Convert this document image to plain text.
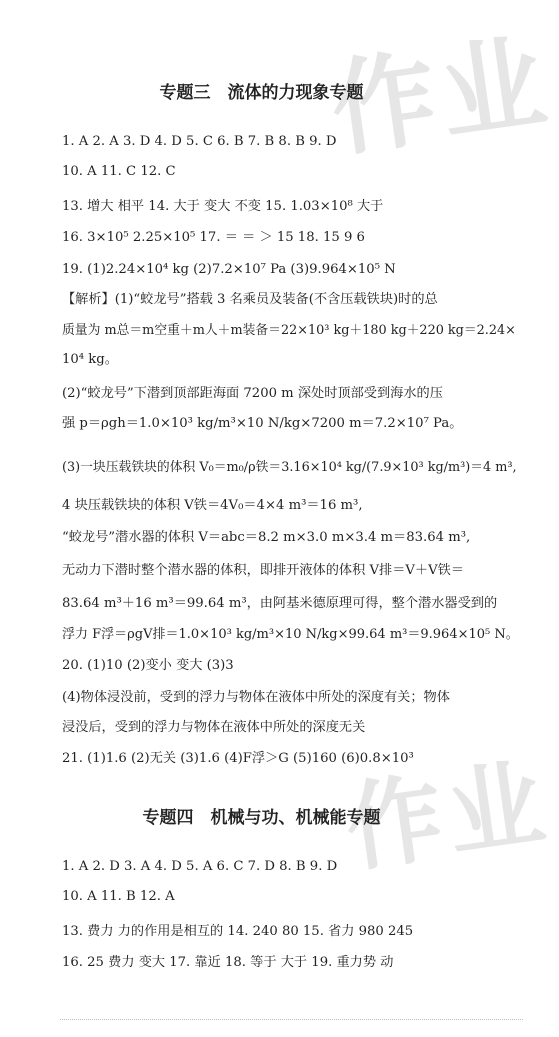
作业
作业
专题三　流体的力现象专题
1. A 2. A 3. D 4. D 5. C 6. B 7. B 8. B 9. D
10. A 11. C 12. C
13. 增大 相平 14. 大于 变大 不变 15. 1.03×10⁸ 大于
16. 3×10⁵ 2.25×10⁵ 17. ＝ ＝ ＞ 15 18. 15 9 6
19. (1)2.24×10⁴ kg (2)7.2×10⁷ Pa (3)9.964×10⁵ N
【解析】(1)“蛟龙号”搭载 3 名乘员及装备(不含压载铁块)时的总
质量为 m总＝m空重＋m人＋m装备＝22×10³ kg＋180 kg＋220 kg＝2.24×
10⁴ kg。
(2)“蛟龙号”下潜到顶部距海面 7200 m 深处时顶部受到海水的压
强 p＝ρgh＝1.0×10³ kg/m³×10 N/kg×7200 m＝7.2×10⁷ Pa。
(3)一块压载铁块的体积 V₀＝m₀/ρ铁＝3.16×10⁴ kg/(7.9×10³ kg/m³)＝4 m³,
4 块压载铁块的体积 V铁＝4V₀＝4×4 m³＝16 m³,
“蛟龙号”潜水器的体积 V＝abc＝8.2 m×3.0 m×3.4 m＝83.64 m³,
无动力下潜时整个潜水器的体积，即排开液体的体积 V排＝V＋V铁＝
83.64 m³＋16 m³＝99.64 m³，由阿基米德原理可得，整个潜水器受到的
浮力 F浮＝ρgV排＝1.0×10³ kg/m³×10 N/kg×99.64 m³＝9.964×10⁵ N。
20. (1)10 (2)变小 变大 (3)3
(4)物体浸没前，受到的浮力与物体在液体中所处的深度有关；物体
浸没后，受到的浮力与物体在液体中所处的深度无关
21. (1)1.6 (2)无关 (3)1.6 (4)F浮＞G (5)160 (6)0.8×10³
专题四　机械与功、机械能专题
1. A 2. D 3. A 4. D 5. A 6. C 7. D 8. B 9. D
10. A 11. B 12. A
13. 费力 力的作用是相互的 14. 240 80 15. 省力 980 245
16. 25 费力 变大 17. 靠近 18. 等于 大于 19. 重力势 动
